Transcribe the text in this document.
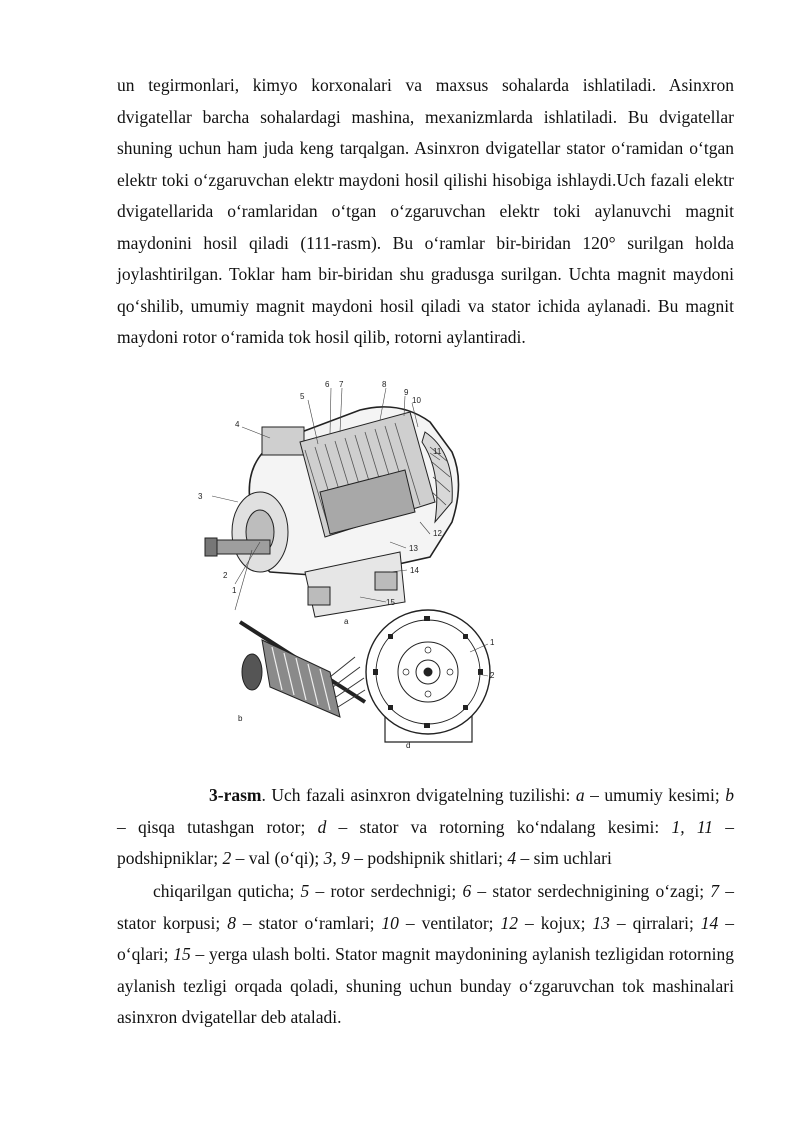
un tegirmonlari, kimyo korxonalari va maxsus sohalarda ishlatiladi. Asinxron dvigatellar barcha sohalardagi mashina, mexanizmlarda ishlatiladi. Bu dvigatellar shuning uchun ham juda keng tarqalgan. Asinxron dvigatellar stator o‘ramidan o‘tgan elektr toki o‘zgaruvchan elektr maydoni hosil qilishi hisobiga ishlaydi.Uch fazali elektr dvigatellarida o‘ramlaridan o‘tgan o‘zgaruvchan elektr toki aylanuvchi magnit maydonini hosil qiladi (111-rasm). Bu o‘ramlar bir-biridan 120° surilgan holda joylashtirilgan. Toklar ham bir-biridan shu gradusga surilgan. Uchta magnit maydoni qo‘shilib, umumiy magnit maydoni hosil qiladi va stator ichida aylanadi. Bu magnit maydoni rotor o‘ramida tok hosil qilib, rotorni aylantiradi.

1
2
3
4
5
6 7	8
9
10
11
12
13
14
15
a
b
1
2
d

3-rasm. Uch fazali asinxron dvigatelning tuzilishi: a – umumiy kesimi; b – qisqa tutashgan rotor; d – stator va rotorning ko‘ndalang kesimi: 1, 11 – podshipniklar; 2 – val (o‘qi); 3, 9 – podshipnik shitlari; 4 – sim uchlari

chiqarilgan qutichа; 5 – rotor serdechnigi; 6 – stator serdechnigining o‘zagi; 7 – stator korpusi; 8 – stator o‘ramlari; 10 – ventilator; 12 – kojux; 13 – qirralari; 14 – o‘qlari; 15 – yerga ulash bolti. Stator magnit maydonining aylanish tezligidan rotorning aylanish tezligi orqada qoladi, shuning uchun bunday o‘zgaruvchan tok mashinalari asinxron dvigatellar deb ataladi.
